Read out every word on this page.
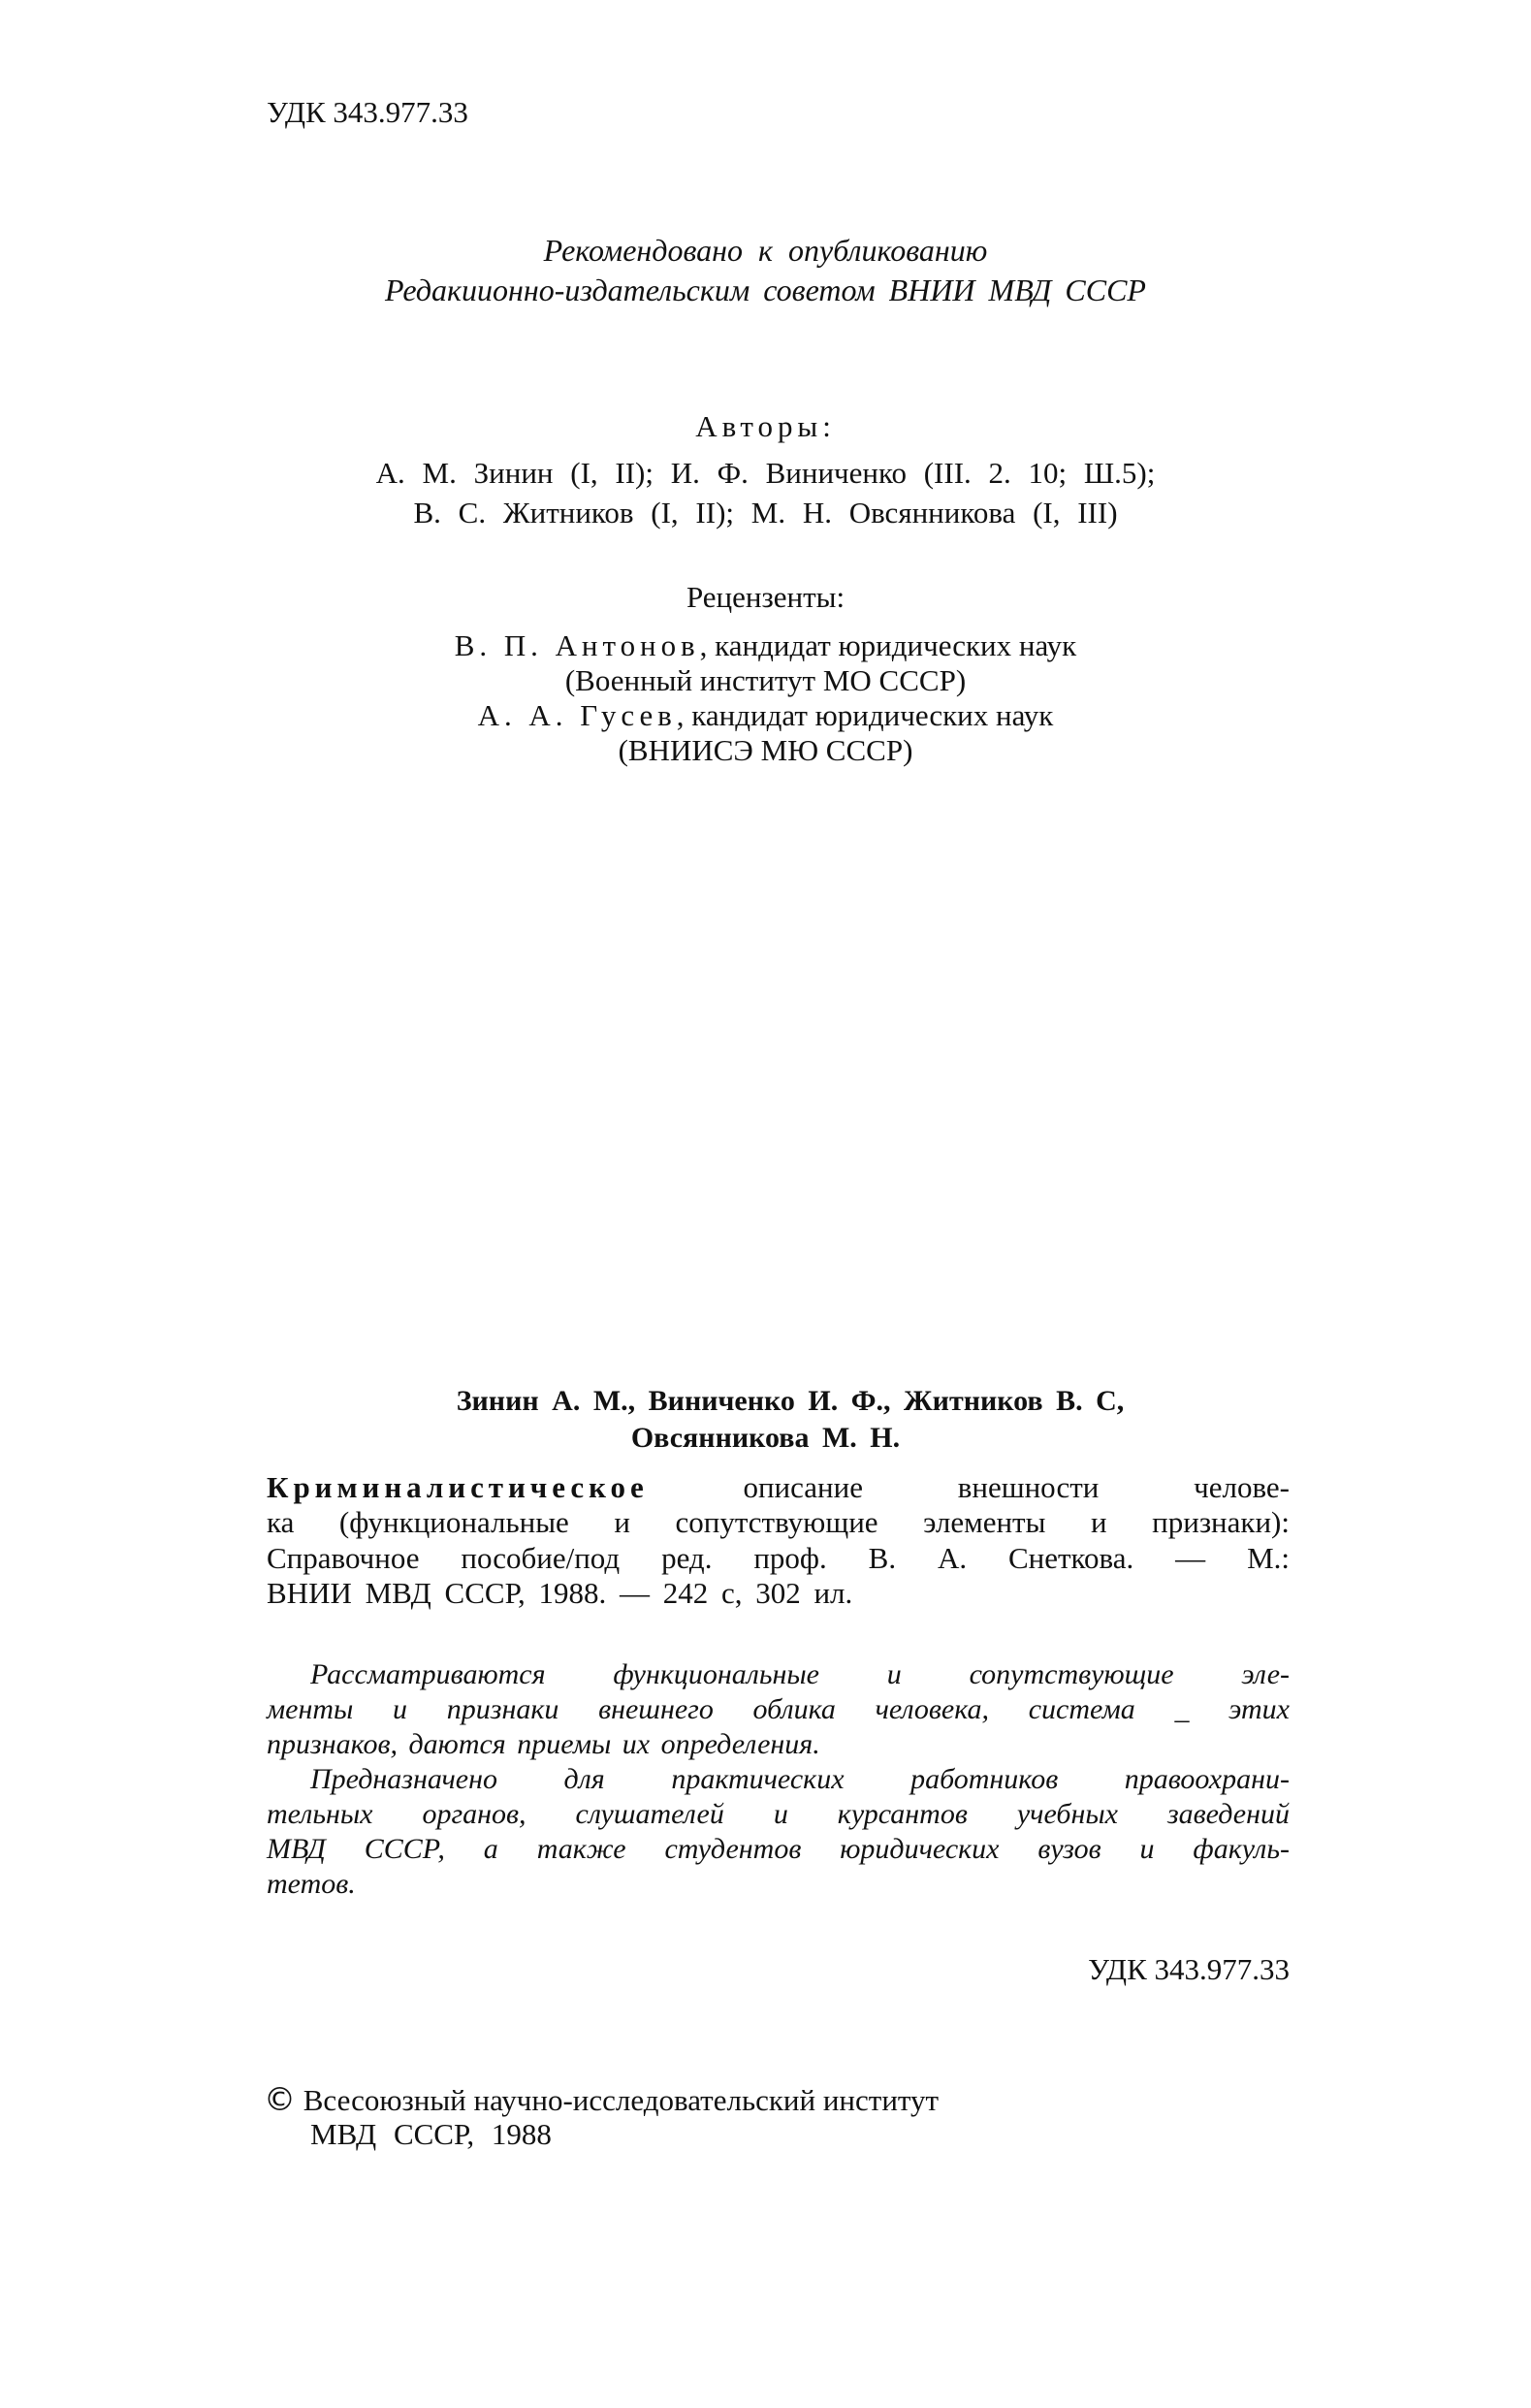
УДК 343.977.33
Рекомендовано к опубликованию
Редакиионно-издательским советом ВНИИ МВД СССР
Авторы:
А. М. Зинин (I, II); И. Ф. Виниченко (III. 2. 10; Ш.5);
В. С. Житников (I, II); М. Н. Овсянникова (I, III)
Рецензенты:
В. П. Антонов, кандидат юридических наук
(Военный институт МО СССР)
А. А. Гусев, кандидат юридических наук
(ВНИИСЭ МЮ СССР)
Зинин А. М., Виниченко И. Ф., Житников В. С,
Овсянникова М. Н.
Криминалистическое описание внешности челове-
ка (функциональные и сопутствующие элементы и признаки):
Справочное пособие/под ред. проф. В. А. Снеткова. — М.:
ВНИИ МВД СССР, 1988. — 242 с, 302 ил.
Рассматриваются функциональные и сопутствующие эле-
менты и признаки внешнего облика человека, система _ этих
признаков, даются приемы их определения.
Предназначено для практических работников правоохрани-
тельных органов, слушателей и курсантов учебных заведений
МВД СССР, а также студентов юридических вузов и факуль-
тетов.
УДК 343.977.33
© Всесоюзный научно-исследовательский институт
МВД СССР, 1988
